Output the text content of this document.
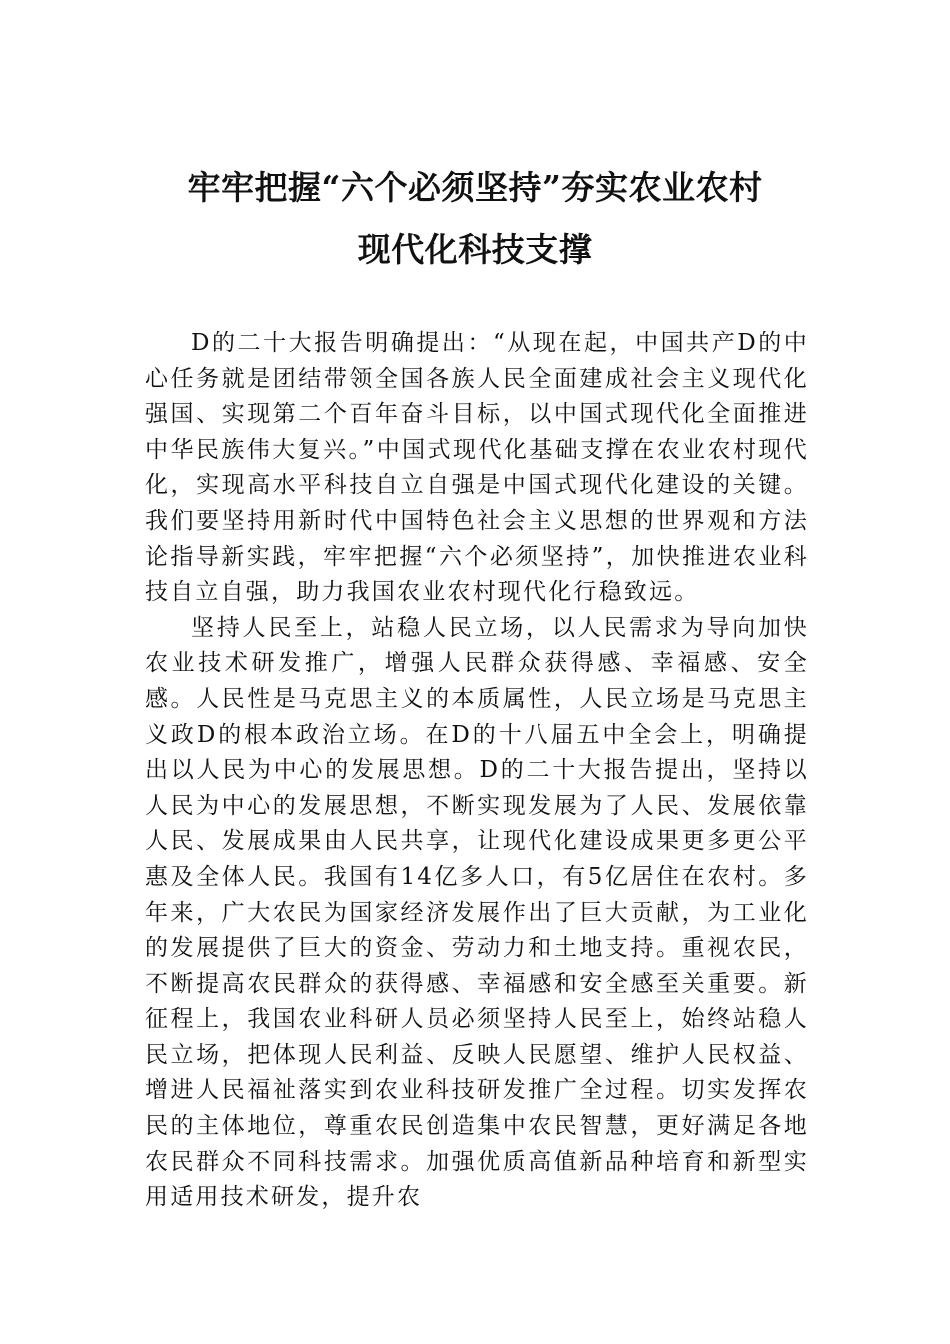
牢牢把握“六个必须坚持”夯实农业农村
现代化科技支撑

D的二十大报告明确提出：“从现在起，中国共产D的中心任务就是团结带领全国各族人民全面建成社会主义现代化强国、实现第二个百年奋斗目标，以中国式现代化全面推进中华民族伟大复兴。”中国式现代化基础支撑在农业农村现代化，实现高水平科技自立自强是中国式现代化建设的关键。我们要坚持用新时代中国特色社会主义思想的世界观和方法论指导新实践，牢牢把握“六个必须坚持”，加快推进农业科技自立自强，助力我国农业农村现代化行稳致远。

坚持人民至上，站稳人民立场，以人民需求为导向加快农业技术研发推广，增强人民群众获得感、幸福感、安全感。人民性是马克思主义的本质属性，人民立场是马克思主义政D的根本政治立场。在D的十八届五中全会上，明确提出以人民为中心的发展思想。D的二十大报告提出，坚持以人民为中心的发展思想，不断实现发展为了人民、发展依靠人民、发展成果由人民共享，让现代化建设成果更多更公平惠及全体人民。我国有14亿多人口，有5亿居住在农村。多年来，广大农民为国家经济发展作出了巨大贡献，为工业化的发展提供了巨大的资金、劳动力和土地支持。重视农民，不断提高农民群众的获得感、幸福感和安全感至关重要。新征程上，我国农业科研人员必须坚持人民至上，始终站稳人民立场，把体现人民利益、反映人民愿望、维护人民权益、增进人民福祉落实到农业科技研发推广全过程。切实发挥农民的主体地位，尊重农民创造集中农民智慧，更好满足各地农民群众不同科技需求。加强优质高值新品种培育和新型实用适用技术研发，提升农
